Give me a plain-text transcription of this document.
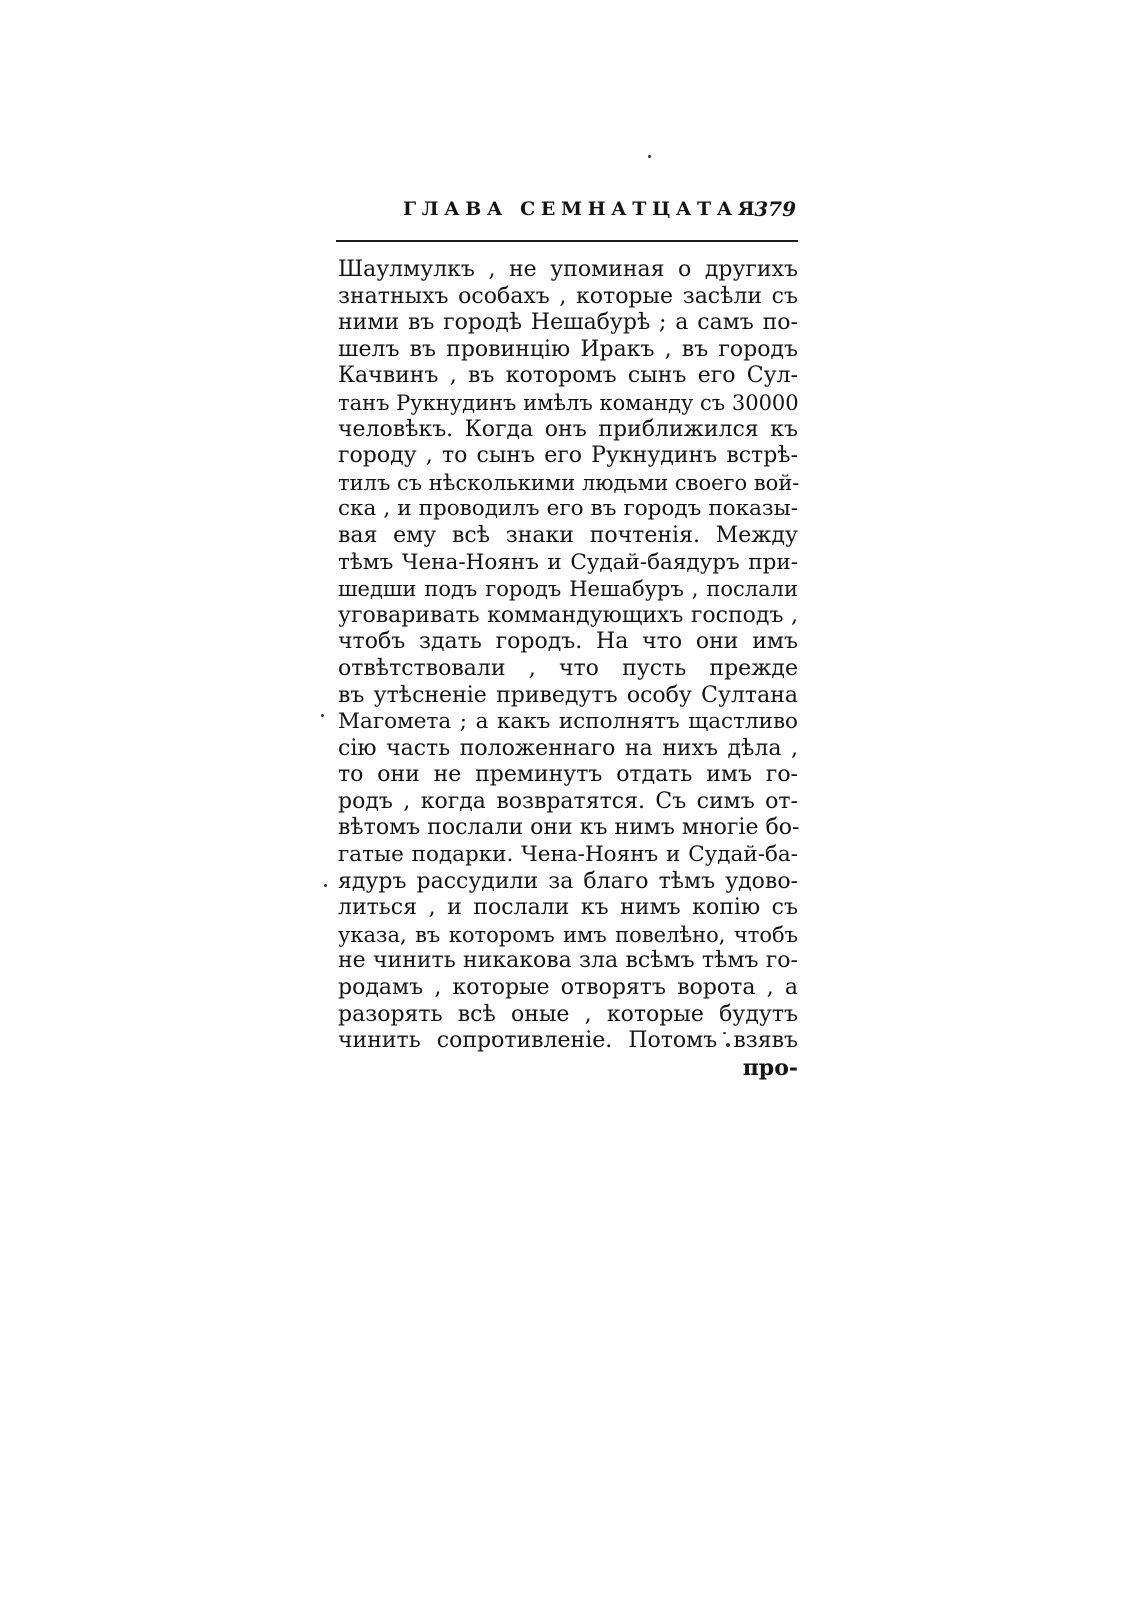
ГЛАВА СЕМНАТЦАТАЯ
379
Шаулмулкъ , не упоминая о другихъ
знатныхъ особахъ , которые засѣли съ
ними въ городѣ Нешабурѣ ; а самъ по-
шелъ въ провинцію Иракъ , въ городъ
Качвинъ , въ которомъ сынъ его Сул-
танъ Рукнудинъ имѣлъ команду съ 30000
человѣкъ. Когда онъ приближился къ
городу , то сынъ его Рукнудинъ встрѣ-
тилъ съ нѣсколькими людьми своего вой-
ска , и проводилъ его въ городъ показы-
вая ему всѣ знаки почтенія. Между
тѣмъ Чена-Ноянъ и Судай-баядуръ при-
шедши подъ городъ Нешабуръ , послали
уговаривать коммандующихъ господъ ,
чтобъ здать городъ. На что они имъ
отвѣтствовали , что пусть прежде
въ утѣсненіе приведутъ особу Султана
Магомета ; а какъ исполнятъ щастливо
сію часть положеннаго на нихъ дѣла ,
то они не преминутъ отдать имъ го-
родъ , когда возвратятся. Съ симъ от-
вѣтомъ послали они къ нимъ многіе бо-
гатые подарки. Чена-Ноянъ и Судай-ба-
ядуръ рассудили за благо тѣмъ удово-
литься , и послали къ нимъ копію съ
указа, въ которомъ имъ повелѣно, чтобъ
не чинить никакова зла всѣмъ тѣмъ го-
родамъ , которые отворятъ ворота , а
разорять всѣ оные , которые будутъ
чинить сопротивленіе. Потомъ взявъ
про-
